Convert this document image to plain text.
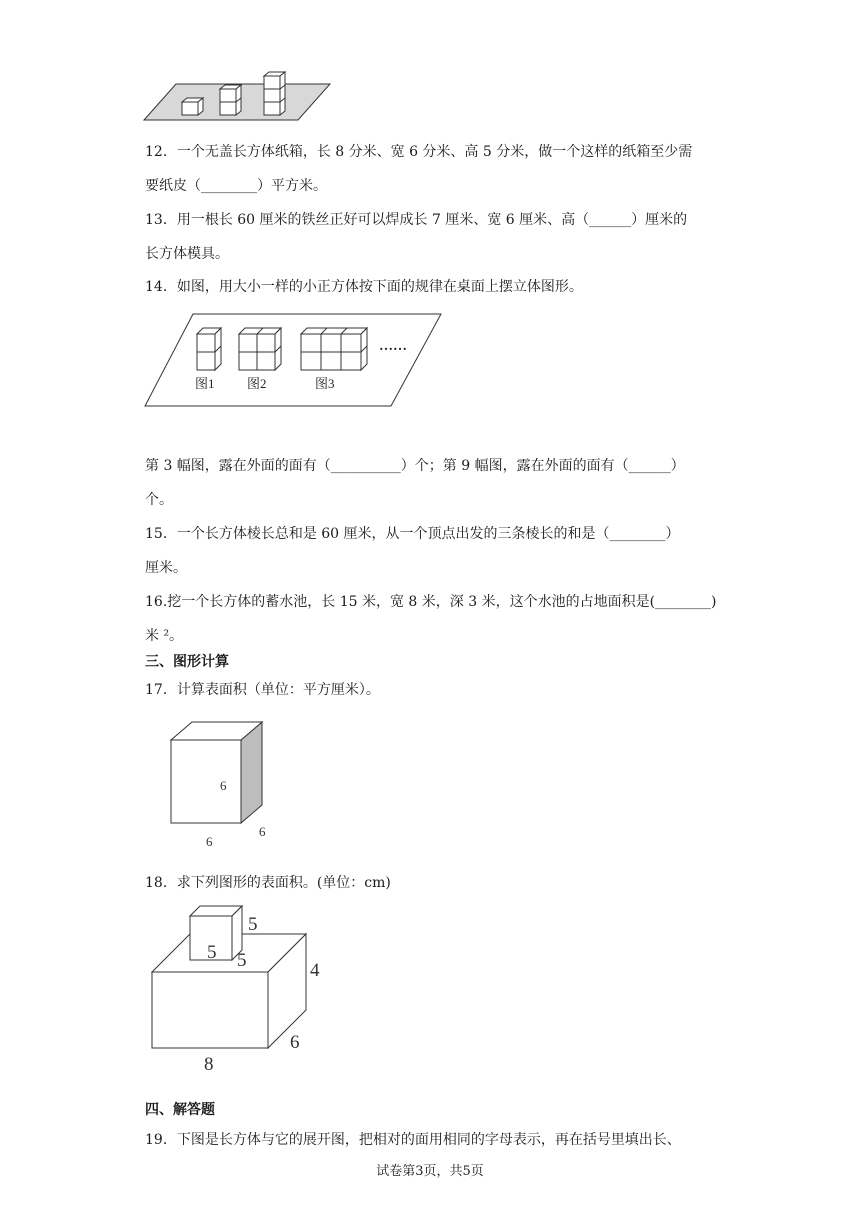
12．一个无盖长方体纸箱，长 8 分米、宽 6 分米、高 5 分米，做一个这样的纸箱至少需
要纸皮（________）平方米。
13．用一根长 60 厘米的铁丝正好可以焊成长 7 厘米、宽 6 厘米、高（______）厘米的
长方体模具。
14．如图，用大小一样的小正方体按下面的规律在桌面上摆立体图形。
……
图1 图2	图3
第 3 幅图，露在外面的面有（__________）个；第 9 幅图，露在外面的面有（______）
个。
15．一个长方体棱长总和是 60 厘米，从一个顶点出发的三条棱长的和是（________）
厘米。
16.挖一个长方体的蓄水池，长 15 米，宽 8 米，深 3 米，这个水池的占地面积是(________)
米 ²。
三、图形计算
17．计算表面积（单位：平方厘米）。
6
6
6
18．求下列图形的表面积。(单位：cm)
5
5 5	4
8
6
四、解答题
19．下图是长方体与它的展开图，把相对的面用相同的字母表示，再在括号里填出长、
试卷第3页，共5页
